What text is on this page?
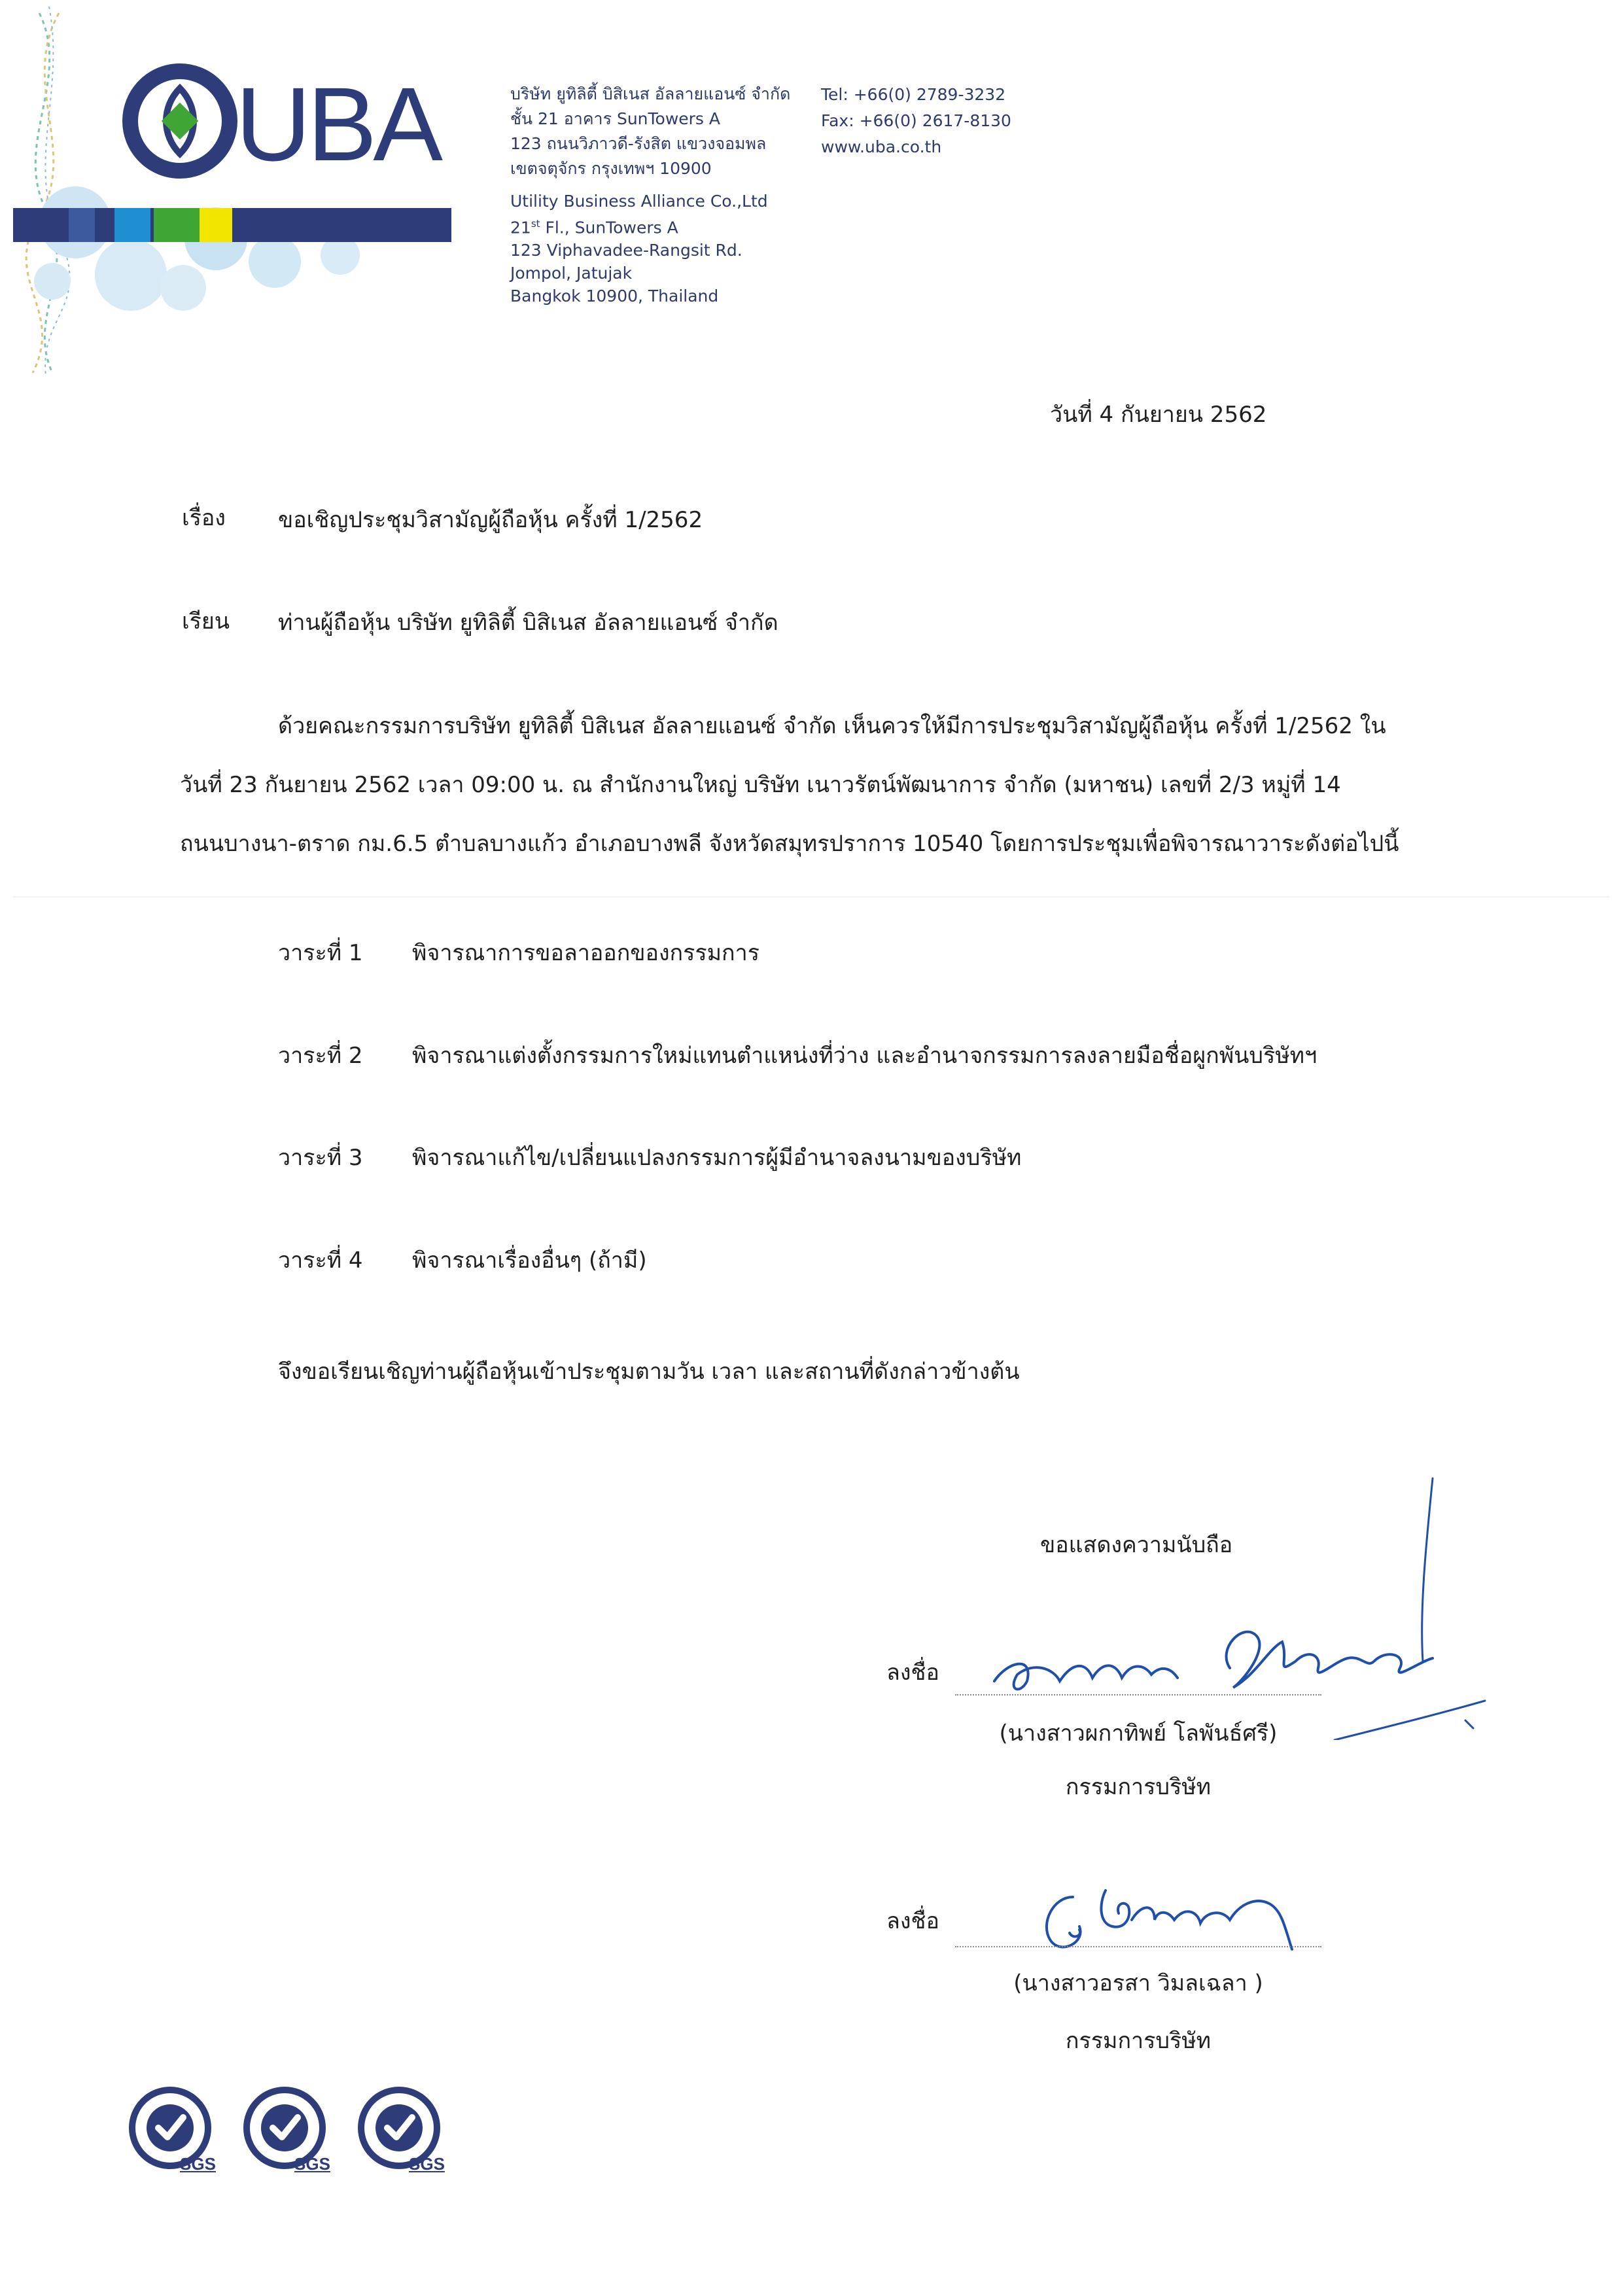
UBA	บริษัท ยูทิลิตี้ บิสิเนส อัลลายแอนซ์ จำกัด
ชั้น 21 อาคาร SunTowers A
123 ถนนวิภาวดี-รังสิต แขวงจอมพล
เขตจตุจักร กรุงเทพฯ 10900
Utility Business Alliance Co.,Ltd
21st Fl., SunTowers A
123 Viphavadee-Rangsit Rd.
Jompol, Jatujak
Bangkok 10900, Thailand
Tel: +66(0) 2789-3232
Fax: +66(0) 2617-8130
www.uba.co.th
วันที่ 4 กันยายน 2562
เรื่อง ขอเชิญประชุมวิสามัญผู้ถือหุ้น ครั้งที่ 1/2562
เรียน ท่านผู้ถือหุ้น บริษัท ยูทิลิตี้ บิสิเนส อัลลายแอนซ์ จำกัด
ด้วยคณะกรรมการบริษัท ยูทิลิตี้ บิสิเนส อัลลายแอนซ์ จำกัด เห็นควรให้มีการประชุมวิสามัญผู้ถือหุ้น ครั้งที่ 1/2562 ใน
วันที่ 23 กันยายน 2562 เวลา 09:00 น. ณ สำนักงานใหญ่ บริษัท เนาวรัตน์พัฒนาการ จำกัด (มหาชน) เลขที่ 2/3 หมู่ที่ 14
ถนนบางนา-ตราด กม.6.5 ตำบลบางแก้ว อำเภอบางพลี จังหวัดสมุทรปราการ 10540 โดยการประชุมเพื่อพิจารณาวาระดังต่อไปนี้
วาระที่ 1 พิจารณาการขอลาออกของกรรมการ
วาระที่ 2 พิจารณาแต่งตั้งกรรมการใหม่แทนตำแหน่งที่ว่าง และอำนาจกรรมการลงลายมือชื่อผูกพันบริษัทฯ
วาระที่ 3 พิจารณาแก้ไข/เปลี่ยนแปลงกรรมการผู้มีอำนาจลงนามของบริษัท
วาระที่ 4 พิจารณาเรื่องอื่นๆ (ถ้ามี)
จึงขอเรียนเชิญท่านผู้ถือหุ้นเข้าประชุมตามวัน เวลา และสถานที่ดังกล่าวข้างต้น
ขอแสดงความนับถือ
ลงชื่อ
(นางสาวผกาทิพย์ โลพันธ์ศรี)
กรรมการบริษัท
ลงชื่อ
(นางสาวอรสา วิมลเฉลา )
กรรมการบริษัท
SGS	SGS	SGS
